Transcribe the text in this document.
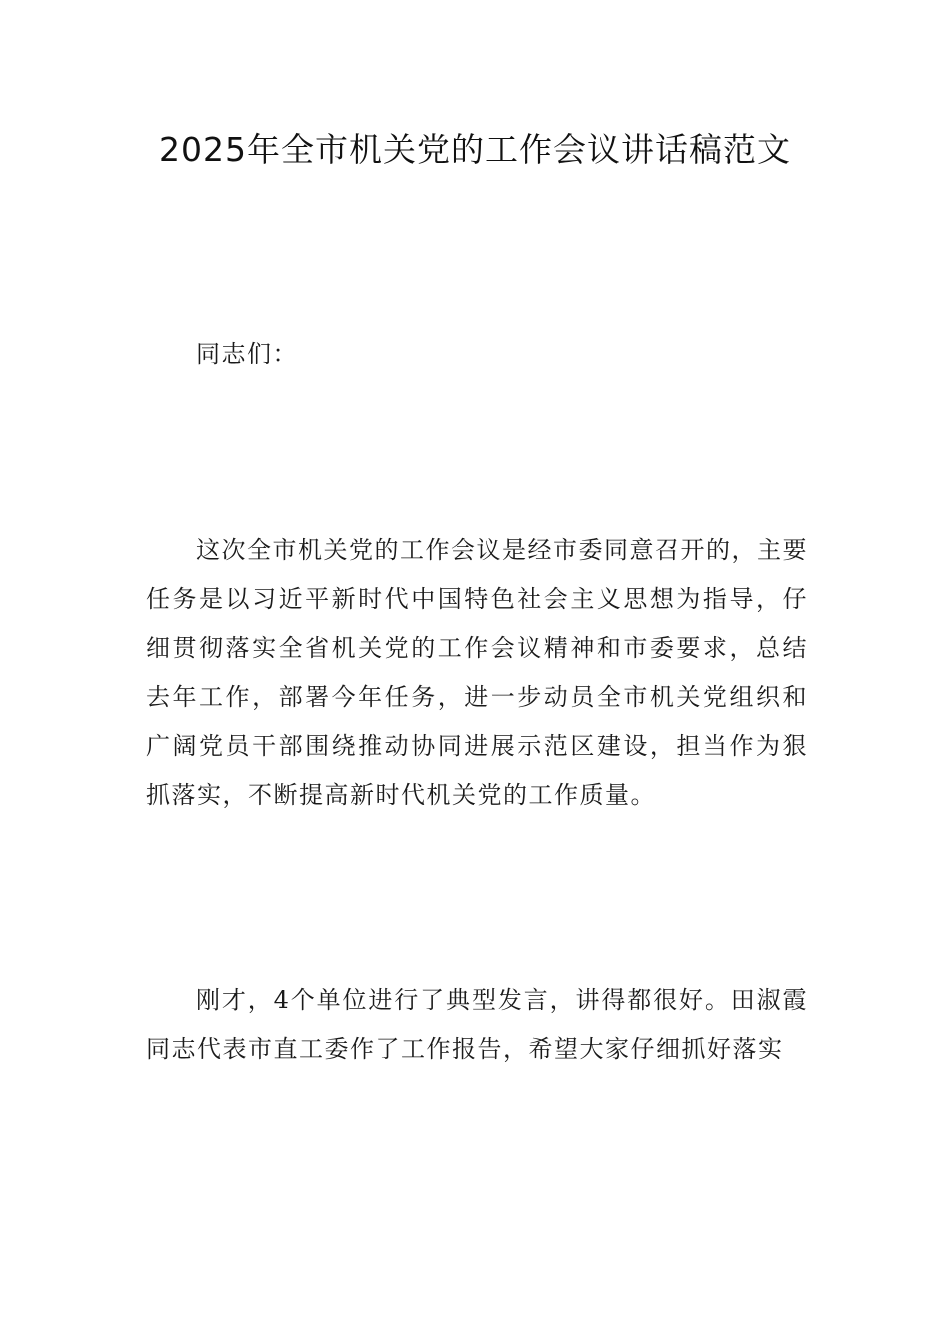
2025年全市机关党的工作会议讲话稿范文

同志们：

这次全市机关党的工作会议是经市委同意召开的，主要任务是以习近平新时代中国特色社会主义思想为指导，仔细贯彻落实全省机关党的工作会议精神和市委要求，总结去年工作，部署今年任务，进一步动员全市机关党组织和广阔党员干部围绕推动协同进展示范区建设，担当作为狠抓落实，不断提高新时代机关党的工作质量。

刚才，4个单位进行了典型发言，讲得都很好。田淑霞同志代表市直工委作了工作报告，希望大家仔细抓好落实
